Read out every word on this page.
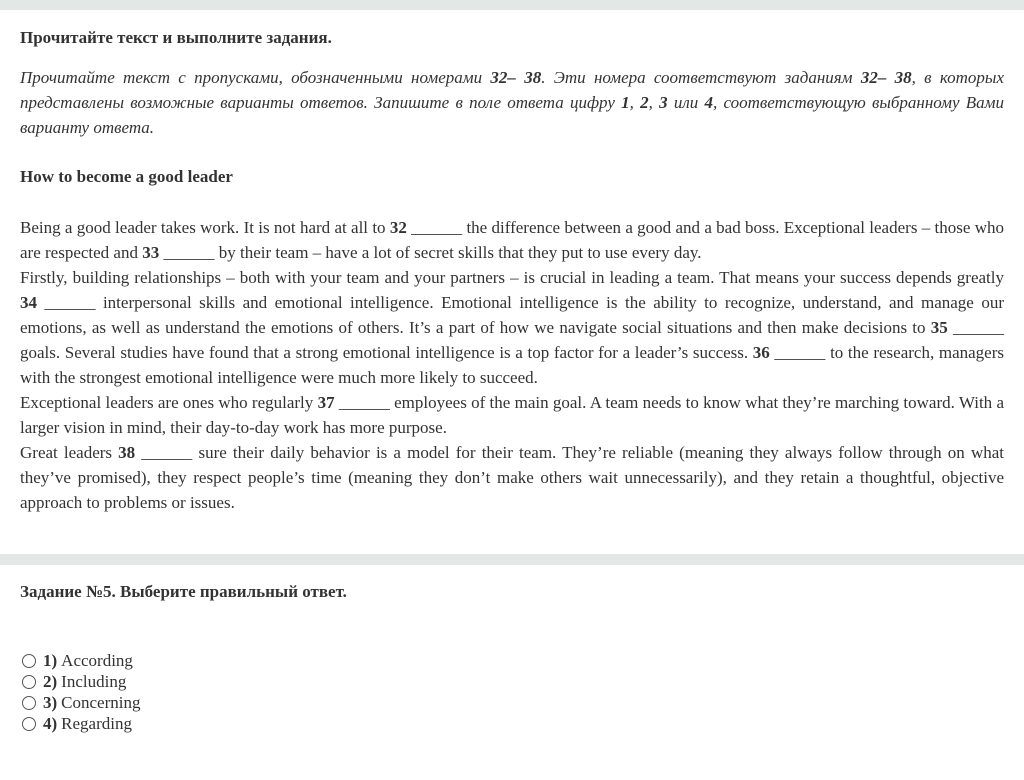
Прочитайте текст и выполните задания.
Прочитайте текст с пропусками, обозначенными номерами 32– 38. Эти номера соответствуют заданиям 32– 38, в которых представлены возможные варианты ответов. Запишите в поле ответа цифру 1, 2, 3 или 4, соответствующую выбранному Вами варианту ответа.
How to become a good leader

Being a good leader takes work. It is not hard at all to 32 ______ the difference between a good and a bad boss. Exceptional leaders – those who are respected and 33 ______ by their team – have a lot of secret skills that they put to use every day.

Firstly, building relationships – both with your team and your partners – is crucial in leading a team. That means your success depends greatly 34 ______ interpersonal skills and emotional intelligence. Emotional intelligence is the ability to recognize, understand, and manage our emotions, as well as understand the emotions of others. It’s a part of how we navigate social situations and then make decisions to 35 ______ goals. Several studies have found that a strong emotional intelligence is a top factor for a leader’s success. 36 ______ to the research, managers with the strongest emotional intelligence were much more likely to succeed.

Exceptional leaders are ones who regularly 37 ______ employees of the main goal. A team needs to know what they’re marching toward. With a larger vision in mind, their day-to-day work has more purpose.

Great leaders 38 ______ sure their daily behavior is a model for their team. They’re reliable (meaning they always follow through on what they’ve promised), they respect people’s time (meaning they don’t make others wait unnecessarily), and they retain a thoughtful, objective approach to problems or issues.

Задание №5. Выберите правильный ответ.
1) According
2) Including
3) Concerning
4) Regarding
